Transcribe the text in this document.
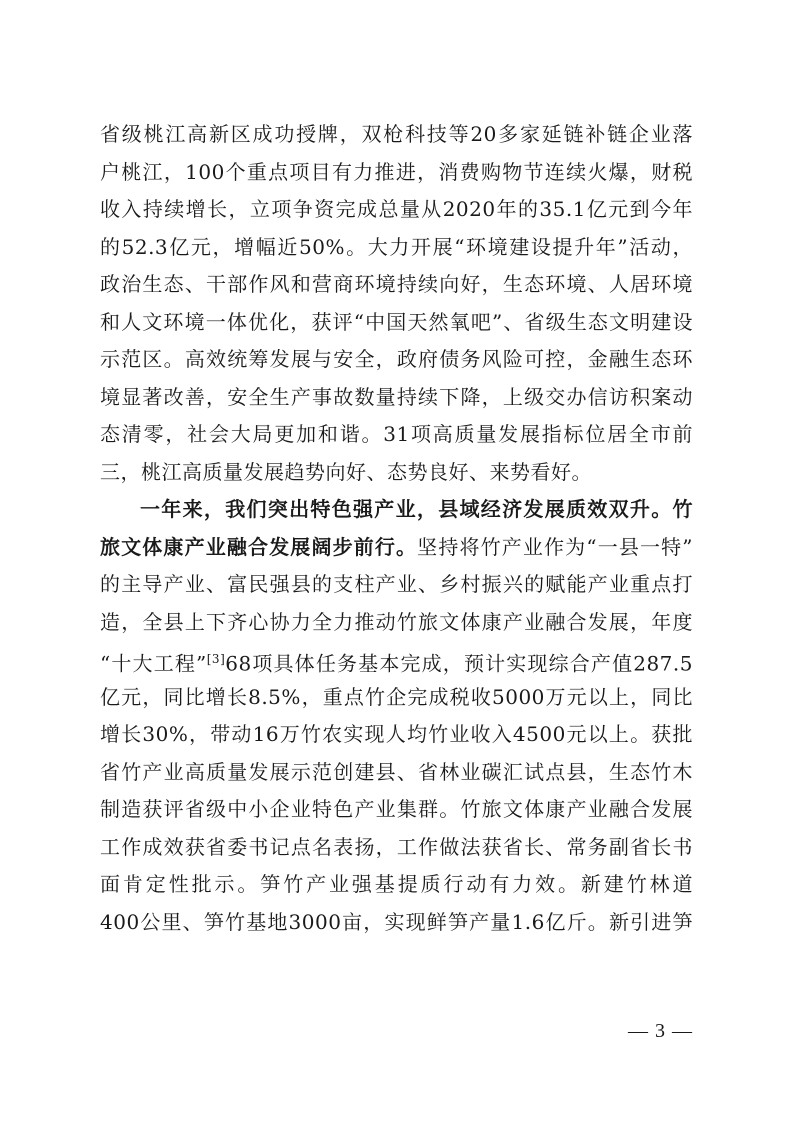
省级桃江高新区成功授牌，双枪科技等20多家延链补链企业落
户桃江，100个重点项目有力推进，消费购物节连续火爆，财税
收入持续增长，立项争资完成总量从2020年的35.1亿元到今年
的52.3亿元，增幅近50%。大力开展“环境建设提升年”活动，
政治生态、干部作风和营商环境持续向好，生态环境、人居环境
和人文环境一体优化，获评“中国天然氧吧”、省级生态文明建设
示范区。高效统筹发展与安全，政府债务风险可控，金融生态环
境显著改善，安全生产事故数量持续下降，上级交办信访积案动
态清零，社会大局更加和谐。31项高质量发展指标位居全市前
三，桃江高质量发展趋势向好、态势良好、来势看好。
一年来，我们突出特色强产业，县域经济发展质效双升。竹
旅文体康产业融合发展阔步前行。坚持将竹产业作为“一县一特”
的主导产业、富民强县的支柱产业、乡村振兴的赋能产业重点打
造，全县上下齐心协力全力推动竹旅文体康产业融合发展，年度
“十大工程”[3]68项具体任务基本完成，预计实现综合产值287.5
亿元，同比增长8.5%，重点竹企完成税收5000万元以上，同比
增长30%，带动16万竹农实现人均竹业收入4500元以上。获批
省竹产业高质量发展示范创建县、省林业碳汇试点县，生态竹木
制造获评省级中小企业特色产业集群。竹旅文体康产业融合发展
工作成效获省委书记点名表扬，工作做法获省长、常务副省长书
面肯定性批示。笋竹产业强基提质行动有力效。新建竹林道
400公里、笋竹基地3000亩，实现鲜笋产量1.6亿斤。新引进笋
— 3 —
